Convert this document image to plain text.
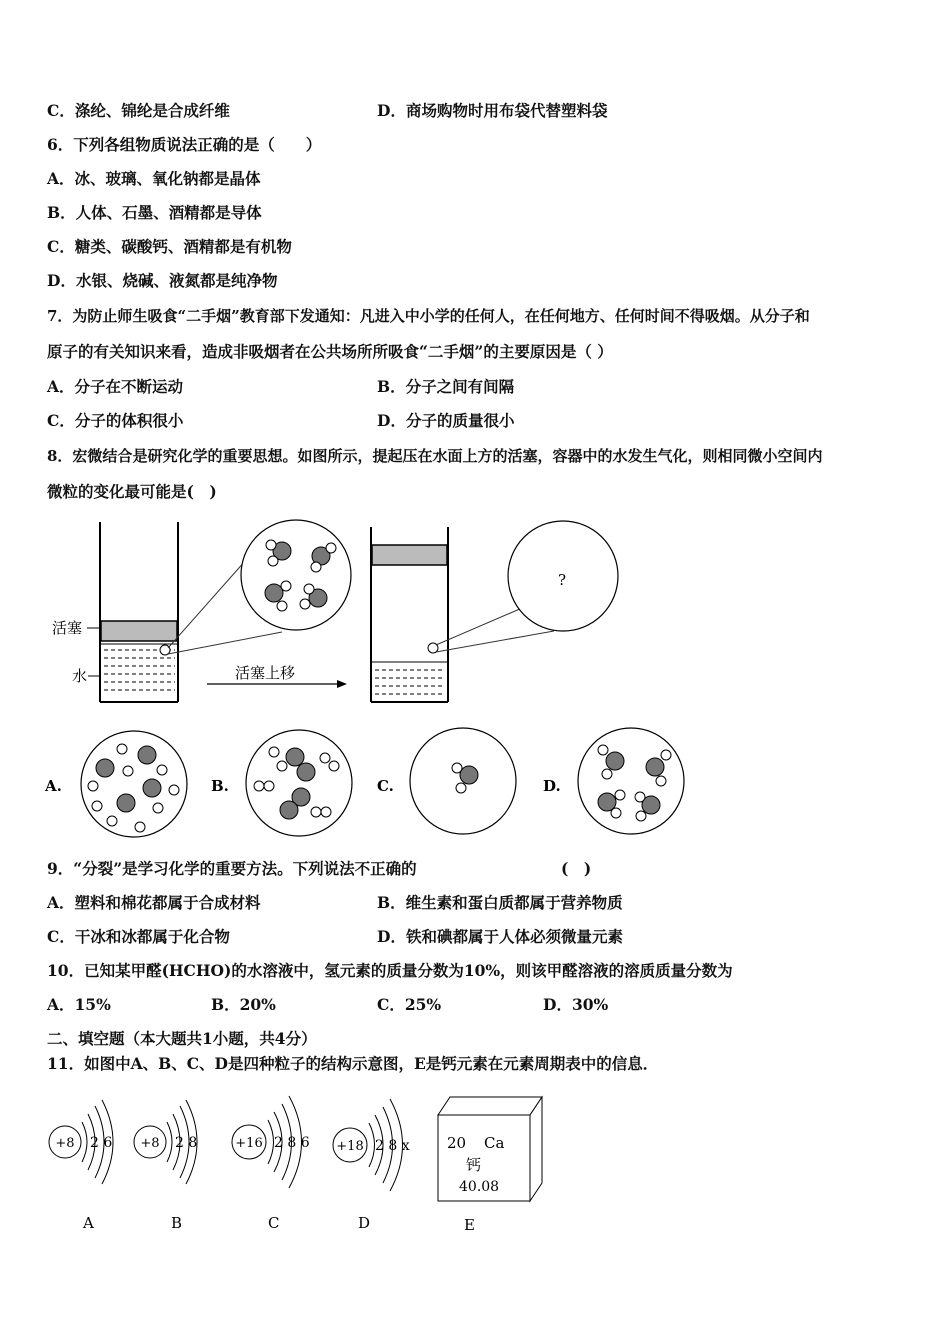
C．涤纶、锦纶是合成纤维	D．商场购物时用布袋代替塑料袋
6．下列各组物质说法正确的是（　　）
A．冰、玻璃、氧化钠都是晶体
B．人体、石墨、酒精都是导体
C．糖类、碳酸钙、酒精都是有机物
D．水银、烧碱、液氮都是纯净物
7．为防止师生吸食“二手烟”教育部下发通知：凡进入中小学的任何人，在任何地方、任何时间不得吸烟。从分子和
原子的有关知识来看，造成非吸烟者在公共场所所吸食“二手烟”的主要原因是（ ）
A．分子在不断运动	B．分子之间有间隔
C．分子的体积很小	D．分子的质量很小
8．宏微结合是研究化学的重要思想。如图所示，提起压在水面上方的活塞，容器中的水发生气化，则相同微小空间内
微粒的变化最可能是(　)
活塞
水	活塞上移
?
A.	B.	C.	D.
9．“分裂”是学习化学的重要方法。下列说法不正确的	(　)
A．塑料和棉花都属于合成材料	B．维生素和蛋白质都属于营养物质
C．干冰和冰都属于化合物	D．铁和碘都属于人体必须微量元素
10．已知某甲醛(HCHO)的水溶液中，氢元素的质量分数为10%，则该甲醛溶液的溶质质量分数为
A．15%	B．20%	C．25%	D．30%
二、填空题（本大题共1小题，共4分）
11．如图中A、B、C、D是四种粒子的结构示意图，E是钙元素在元素周期表中的信息．
+8 2 6
A
+8 2 8
B
+16 2 8 6
C
+18 2 8 x
D
20 Ca
钙
40.08
E
